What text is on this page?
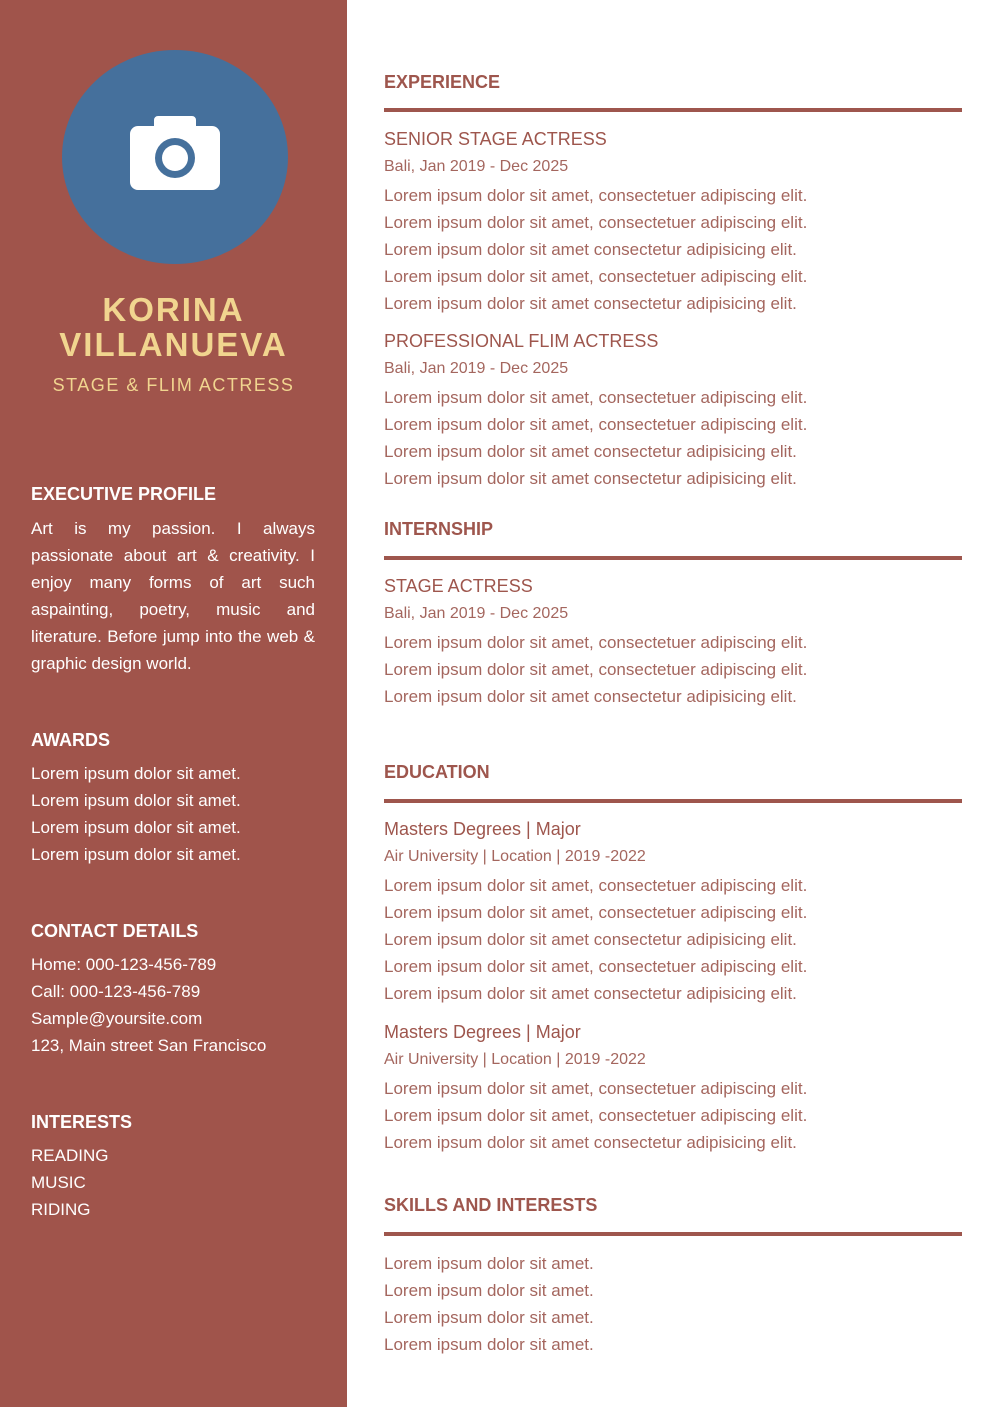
KORINA
VILLANUEVA
STAGE & FLIM ACTRESS
EXECUTIVE PROFILE
Art is my passion. I always passionate about art & creativity. I enjoy many forms of art such aspainting, poetry, music and literature. Before jump into the web & graphic design world.
AWARDS
Lorem ipsum dolor sit amet.
Lorem ipsum dolor sit amet.
Lorem ipsum dolor sit amet.
Lorem ipsum dolor sit amet.
CONTACT DETAILS
Home: 000-123-456-789
Call: 000-123-456-789
Sample@yoursite.com
123, Main street San Francisco
INTERESTS
READING
MUSIC
RIDING
EXPERIENCE
SENIOR STAGE ACTRESS
Bali, Jan 2019 - Dec 2025
Lorem ipsum dolor sit amet, consectetuer adipiscing elit.
Lorem ipsum dolor sit amet, consectetuer adipiscing elit.
Lorem ipsum dolor sit amet consectetur adipisicing elit.
Lorem ipsum dolor sit amet, consectetuer adipiscing elit.
Lorem ipsum dolor sit amet consectetur adipisicing elit.
PROFESSIONAL FLIM ACTRESS
Bali, Jan 2019 - Dec 2025
Lorem ipsum dolor sit amet, consectetuer adipiscing elit.
Lorem ipsum dolor sit amet, consectetuer adipiscing elit.
Lorem ipsum dolor sit amet consectetur adipisicing elit.
Lorem ipsum dolor sit amet consectetur adipisicing elit.
INTERNSHIP
STAGE ACTRESS
Bali, Jan 2019 - Dec 2025
Lorem ipsum dolor sit amet, consectetuer adipiscing elit.
Lorem ipsum dolor sit amet, consectetuer adipiscing elit.
Lorem ipsum dolor sit amet consectetur adipisicing elit.
EDUCATION
Masters Degrees | Major
Air University | Location | 2019 -2022
Lorem ipsum dolor sit amet, consectetuer adipiscing elit.
Lorem ipsum dolor sit amet, consectetuer adipiscing elit.
Lorem ipsum dolor sit amet consectetur adipisicing elit.
Lorem ipsum dolor sit amet, consectetuer adipiscing elit.
Lorem ipsum dolor sit amet consectetur adipisicing elit.
Masters Degrees | Major
Air University | Location | 2019 -2022
Lorem ipsum dolor sit amet, consectetuer adipiscing elit.
Lorem ipsum dolor sit amet, consectetuer adipiscing elit.
Lorem ipsum dolor sit amet consectetur adipisicing elit.
SKILLS AND INTERESTS
Lorem ipsum dolor sit amet.
Lorem ipsum dolor sit amet.
Lorem ipsum dolor sit amet.
Lorem ipsum dolor sit amet.
